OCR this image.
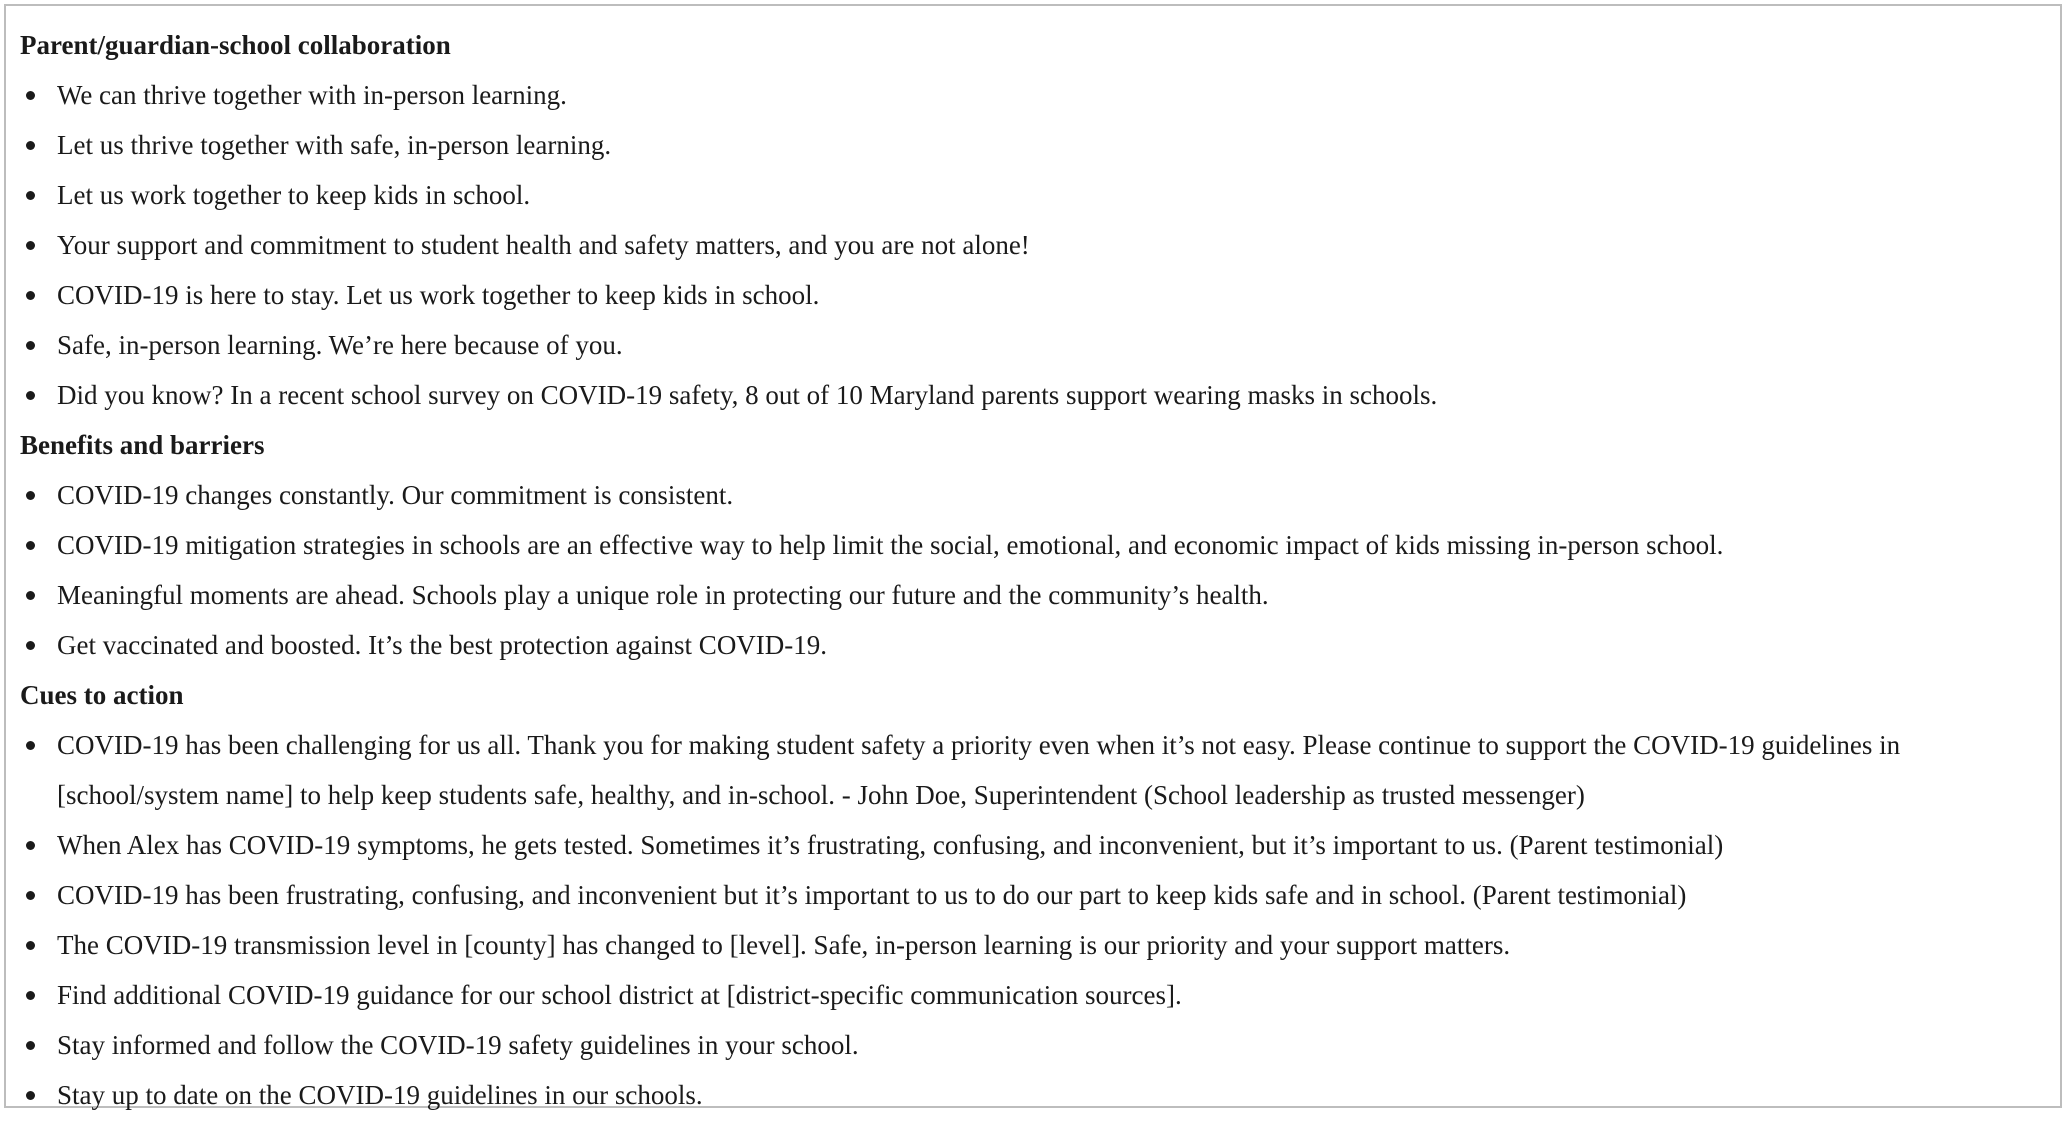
Parent/guardian-school collaboration
We can thrive together with in-person learning.
Let us thrive together with safe, in-person learning.
Let us work together to keep kids in school.
Your support and commitment to student health and safety matters, and you are not alone!
COVID-19 is here to stay. Let us work together to keep kids in school.
Safe, in-person learning. We’re here because of you.
Did you know? In a recent school survey on COVID-19 safety, 8 out of 10 Maryland parents support wearing masks in schools.
Benefits and barriers
COVID-19 changes constantly. Our commitment is consistent.
COVID-19 mitigation strategies in schools are an effective way to help limit the social, emotional, and economic impact of kids missing in-person school.
Meaningful moments are ahead. Schools play a unique role in protecting our future and the community’s health.
Get vaccinated and boosted. It’s the best protection against COVID-19.
Cues to action
COVID-19 has been challenging for us all. Thank you for making student safety a priority even when it’s not easy. Please continue to support the COVID-19 guidelines in [school/system name] to help keep students safe, healthy, and in-school. - John Doe, Superintendent (School leadership as trusted messenger)
When Alex has COVID-19 symptoms, he gets tested. Sometimes it’s frustrating, confusing, and inconvenient, but it’s important to us. (Parent testimonial)
COVID-19 has been frustrating, confusing, and inconvenient but it’s important to us to do our part to keep kids safe and in school. (Parent testimonial)
The COVID-19 transmission level in [county] has changed to [level]. Safe, in-person learning is our priority and your support matters.
Find additional COVID-19 guidance for our school district at [district-specific communication sources].
Stay informed and follow the COVID-19 safety guidelines in your school.
Stay up to date on the COVID-19 guidelines in our schools.
